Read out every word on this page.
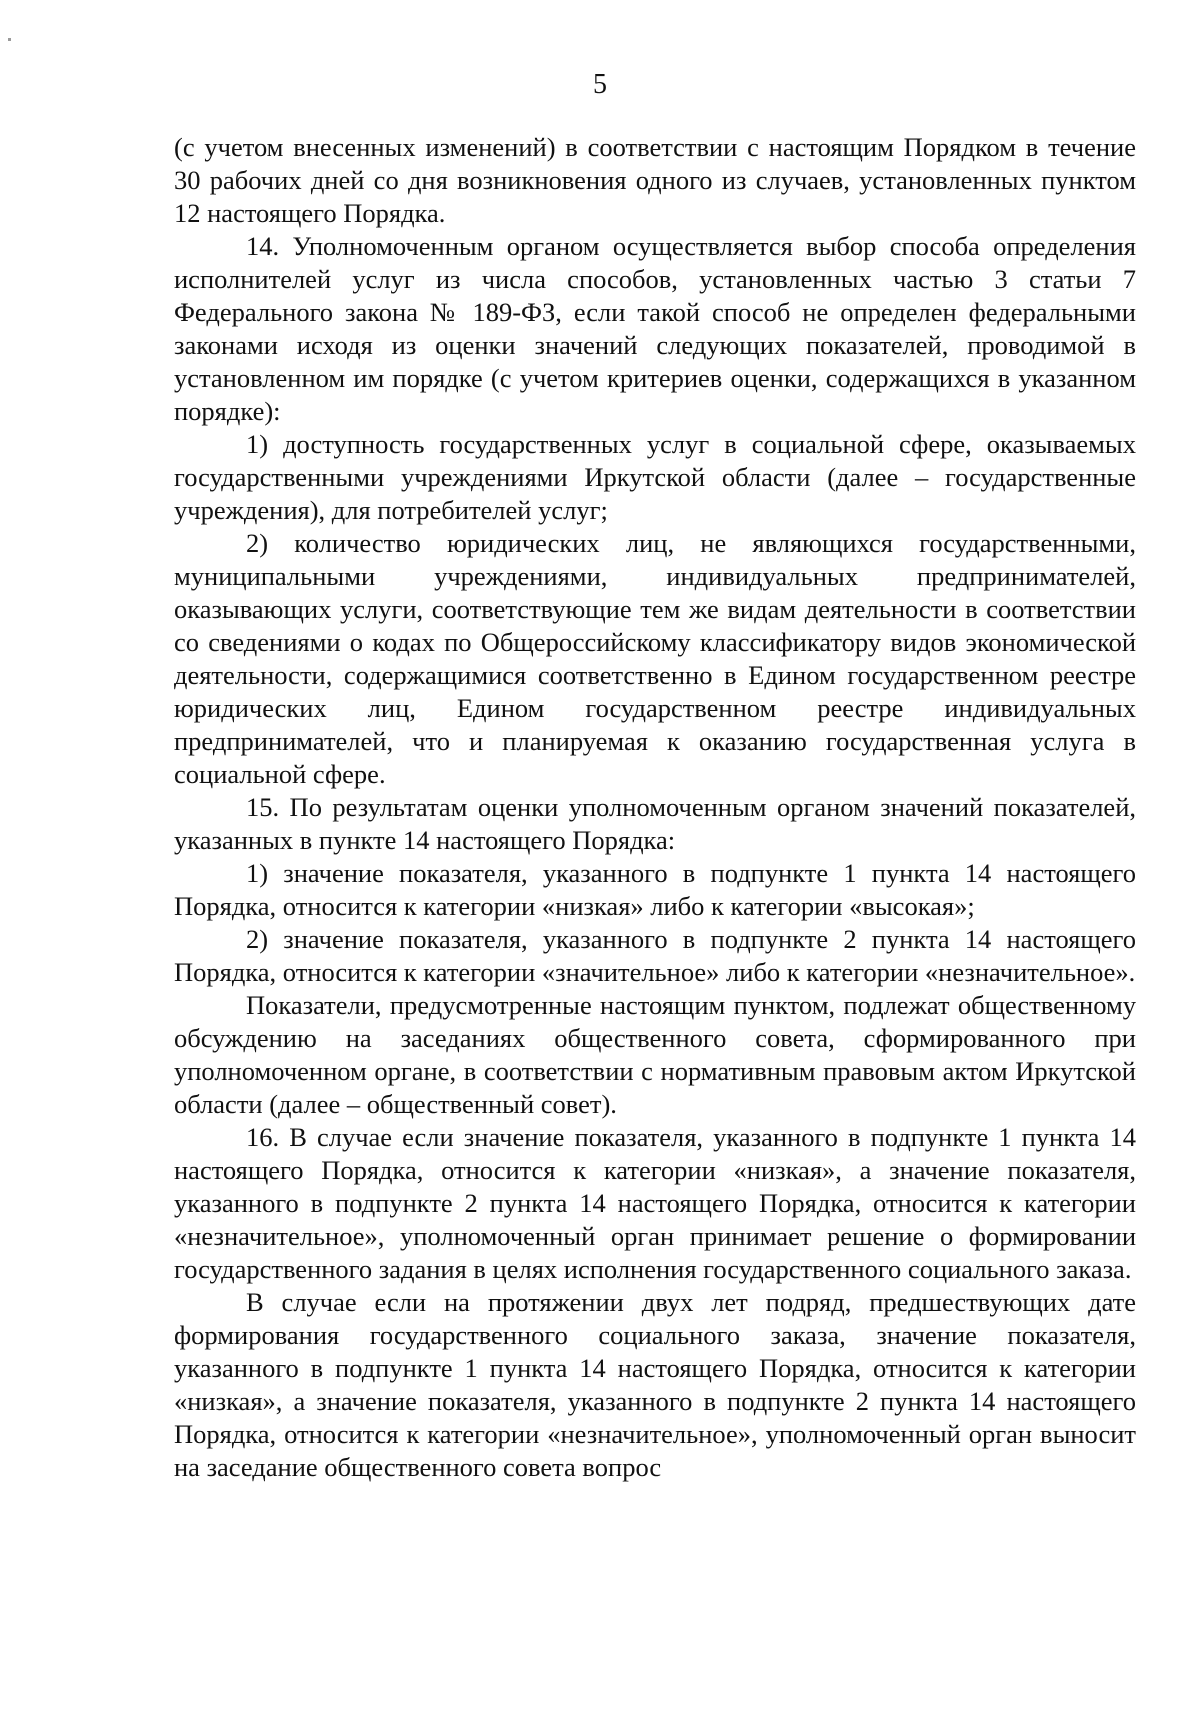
5

(с учетом внесенных изменений) в соответствии с настоящим Порядком в течение 30 рабочих дней со дня возникновения одного из случаев, установленных пунктом 12 настоящего Порядка.

14. Уполномоченным органом осуществляется выбор способа определения исполнителей услуг из числа способов, установленных частью 3 статьи 7 Федерального закона № 189-ФЗ, если такой способ не определен федеральными законами исходя из оценки значений следующих показателей, проводимой в установленном им порядке (с учетом критериев оценки, содержащихся в указанном порядке):

1) доступность государственных услуг в социальной сфере, оказываемых государственными учреждениями Иркутской области (далее – государственные учреждения), для потребителей услуг;

2) количество юридических лиц, не являющихся государственными, муниципальными учреждениями, индивидуальных предпринимателей, оказывающих услуги, соответствующие тем же видам деятельности в соответствии со сведениями о кодах по Общероссийскому классификатору видов экономической деятельности, содержащимися соответственно в Едином государственном реестре юридических лиц, Едином государственном реестре индивидуальных предпринимателей, что и планируемая к оказанию государственная услуга в социальной сфере.

15. По результатам оценки уполномоченным органом значений показателей, указанных в пункте 14 настоящего Порядка:

1) значение показателя, указанного в подпункте 1 пункта 14 настоящего Порядка, относится к категории «низкая» либо к категории «высокая»;

2) значение показателя, указанного в подпункте 2 пункта 14 настоящего Порядка, относится к категории «значительное» либо к категории «незначительное».

Показатели, предусмотренные настоящим пунктом, подлежат общественному обсуждению на заседаниях общественного совета, сформированного при уполномоченном органе, в соответствии с нормативным правовым актом Иркутской области (далее – общественный совет).

16. В случае если значение показателя, указанного в подпункте 1 пункта 14 настоящего Порядка, относится к категории «низкая», а значение показателя, указанного в подпункте 2 пункта 14 настоящего Порядка, относится к категории «незначительное», уполномоченный орган принимает решение о формировании государственного задания в целях исполнения государственного социального заказа.

В случае если на протяжении двух лет подряд, предшествующих дате формирования государственного социального заказа, значение показателя, указанного в подпункте 1 пункта 14 настоящего Порядка, относится к категории «низкая», а значение показателя, указанного в подпункте 2 пункта 14 настоящего Порядка, относится к категории «незначительное», уполномоченный орган выносит на заседание общественного совета вопрос
